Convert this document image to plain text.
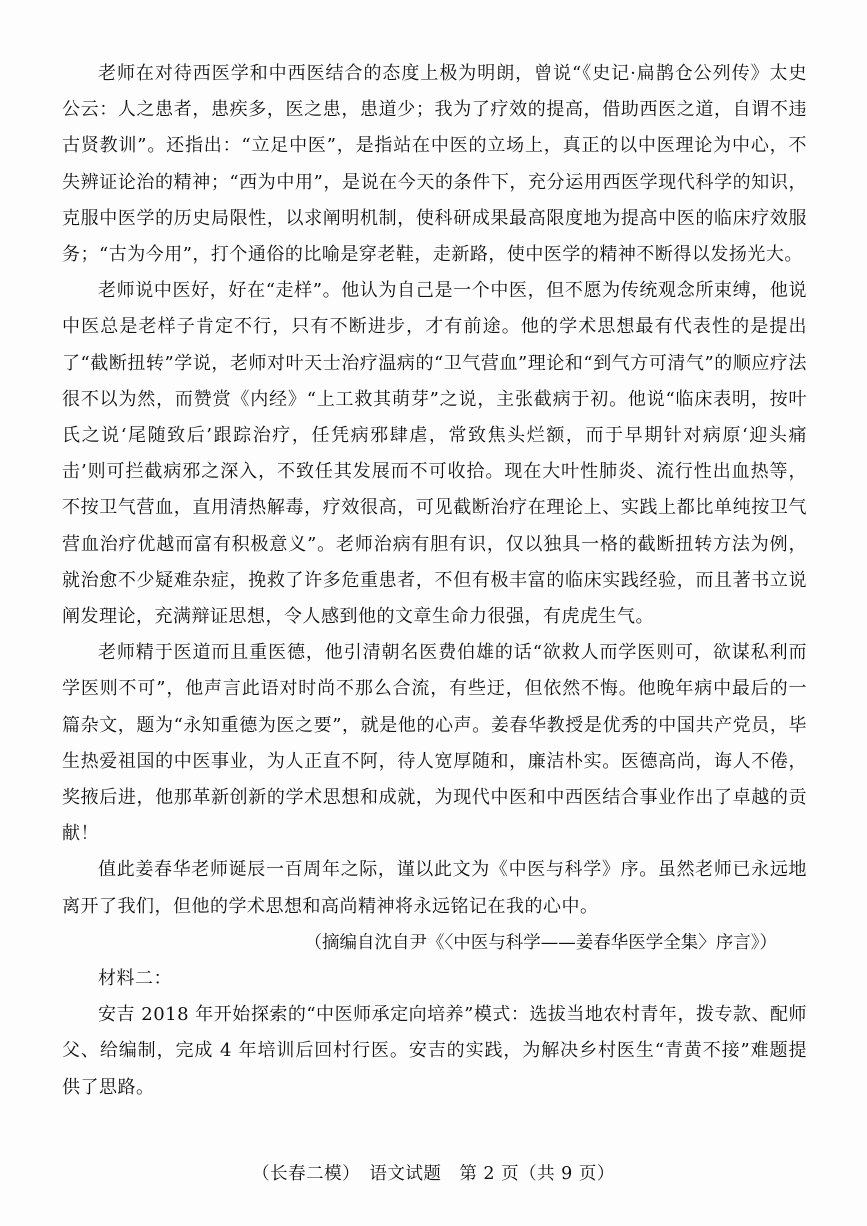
老师在对待西医学和中西医结合的态度上极为明朗，曾说“《史记·扁鹊仓公列传》太史公云：人之患者，患疾多，医之患，患道少；我为了疗效的提高，借助西医之道，自谓不违古贤教训”。还指出：“立足中医”，是指站在中医的立场上，真正的以中医理论为中心，不失辨证论治的精神；“西为中用”，是说在今天的条件下，充分运用西医学现代科学的知识，克服中医学的历史局限性，以求阐明机制，使科研成果最高限度地为提高中医的临床疗效服务；“古为今用”，打个通俗的比喻是穿老鞋，走新路，使中医学的精神不断得以发扬光大。

老师说中医好，好在“走样”。他认为自己是一个中医，但不愿为传统观念所束缚，他说中医总是老样子肯定不行，只有不断进步，才有前途。他的学术思想最有代表性的是提出了“截断扭转”学说，老师对叶天士治疗温病的“卫气营血”理论和“到气方可清气”的顺应疗法很不以为然，而赞赏《内经》“上工救其萌芽”之说，主张截病于初。他说“临床表明，按叶氏之说‘尾随致后’跟踪治疗，任凭病邪肆虐，常致焦头烂额，而于早期针对病原‘迎头痛击’则可拦截病邪之深入，不致任其发展而不可收拾。现在大叶性肺炎、流行性出血热等，不按卫气营血，直用清热解毒，疗效很高，可见截断治疗在理论上、实践上都比单纯按卫气营血治疗优越而富有积极意义”。老师治病有胆有识，仅以独具一格的截断扭转方法为例，就治愈不少疑难杂症，挽救了许多危重患者，不但有极丰富的临床实践经验，而且著书立说阐发理论，充满辩证思想，令人感到他的文章生命力很强，有虎虎生气。

老师精于医道而且重医德，他引清朝名医费伯雄的话“欲救人而学医则可，欲谋私利而学医则不可”，他声言此语对时尚不那么合流，有些迂，但依然不悔。他晚年病中最后的一篇杂文，题为“永知重德为医之要”，就是他的心声。姜春华教授是优秀的中国共产党员，毕生热爱祖国的中医事业，为人正直不阿，待人宽厚随和，廉洁朴实。医德高尚，诲人不倦，奖掖后进，他那革新创新的学术思想和成就，为现代中医和中西医结合事业作出了卓越的贡献！

值此姜春华老师诞辰一百周年之际，谨以此文为《中医与科学》序。虽然老师已永远地离开了我们，但他的学术思想和高尚精神将永远铭记在我的心中。

（摘编自沈自尹《〈中医与科学——姜春华医学全集〉序言》）

材料二：

安吉 2018 年开始探索的“中医师承定向培养”模式：选拔当地农村青年，拨专款、配师父、给编制，完成 4 年培训后回村行医。安吉的实践，为解决乡村医生“青黄不接”难题提供了思路。

（长春二模）　语文试题　第 2 页（共 9 页）
